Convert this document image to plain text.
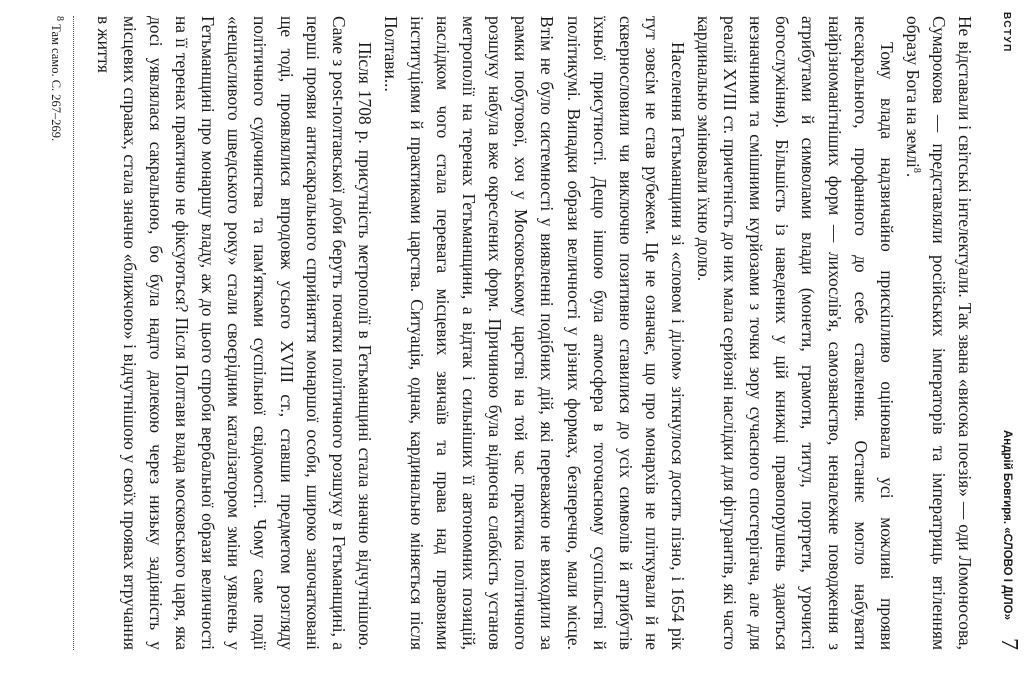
ВСТУП
Андрій Бовгиря. «СЛОВО І ДІЛО»
7

Не відставали і світські інтелектуали. Так звана «висока поезія» — оди Ломоносова, Сумарокова — представляли російських імператорів та імператриць втіленням образу Бога на землі$^8$.

Тому влада надзвичайно прискіпливо оцінювала усі можливі прояви несакрального, профанного до себе ставлення. Останнє могло набувати найрізноманітніших форм — лихослів'я, самозванство, неналежне поводження з атрибутами й символами влади (монети, грамоти, титул, портрети, урочисті богослужіння). Більшість із наведених у цій книжці правопорушень здаються незначними та смішними курйозами з точки зору сучасного спостерігача, але для реалій XVIII ст. причетність до них мала серйозні наслідки для фігурантів, які часто кардинально змінювали їхню долю.

Населення Гетьманщини зі «словом і ділом» зіткнулося досить пізно, і 1654 рік тут зовсім не став рубежем. Це не означає, що про монархів не пліткували й не сквернословили чи виключно позитивно ставилися до усіх символів й атрибутів їхньої присутності. Дещо іншою була атмосфера в тогочасному суспільстві й політикумі. Випадки образи величності у різних формах, безперечно, мали місце. Втім не було системності у виявленні подібних дій, які переважно не виходили за рамки побутової, хоч у Московському царстві на той час практика політичного розшуку набула вже окреслених форм. Причиною була відносна слабкість установ метрополії на теренах Гетьманщини, а відтак і сильніших її автономних позицій, наслідком чого стала перевага місцевих звичаїв та права над правовими інституціями й практиками царства. Ситуація, однак, кардинально міняється після Полтави...

Після 1708 р. присутність метрополії в Гетьманщині стала значно відчутнішою. Саме з post-полтавської доби беруть початки політичного розшуку в Гетьманщині, а перші прояви антисакрального сприйняття монаршої особи, широко започатковані ще тоді, проявлялися впродовж усього XVIII ст., ставши предметом розгляду політичного судочинства та пам'ятками суспільної свідомості. Чому саме події «нещасливого шведського року» стали своєрідним каталізатором зміни уявлень у Гетьманщині про монаршу владу, аж до цього спроби вербальної образи величності на її теренах практично не фіксуються? Після Полтави влада московського царя, яка досі уявлялася сакральною, бо була надто далекою через низьку задіяність у місцевих справах, стала значно «ближчою» і відчутнішою у своїх проявах втручання в життя

$^8$ Там само. С. 267–269.
